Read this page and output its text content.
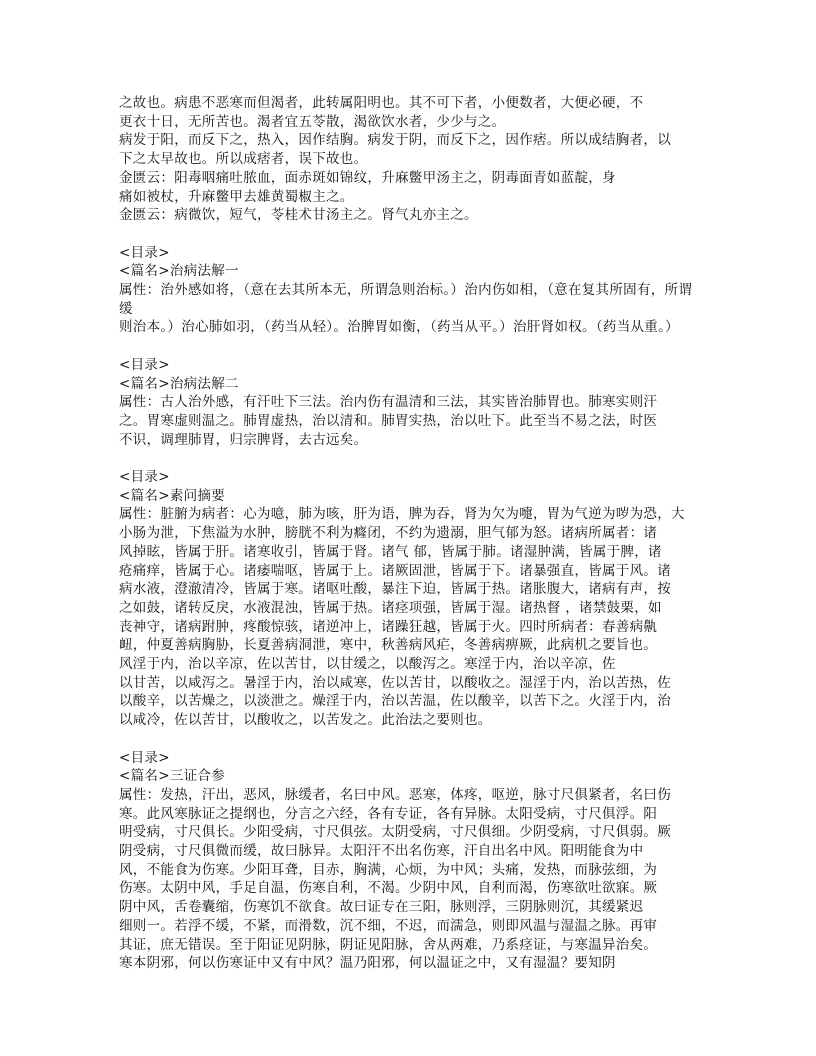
之故也。病患不恶寒而但渴者，此转属阳明也。其不可下者，小便数者，大便必硬，不
更衣十日，无所苦也。渴者宜五苓散，渴欲饮水者，少少与之。
病发于阳，而反下之，热入，因作结胸。病发于阴，而反下之，因作痞。所以成结胸者，以
下之太早故也。所以成痞者，误下故也。
金匮云：阳毒咽痛吐脓血，面赤斑如锦纹，升麻鳖甲汤主之，阴毒面青如蓝靛，身
痛如被杖，升麻鳖甲去雄黄蜀椒主之。
金匮云：病微饮，短气，苓桂术甘汤主之。肾气丸亦主之。
<目录>
<篇名>治病法解一
属性：治外感如将，（意在去其所本无，所谓急则治标。）治内伤如相，（意在复其所固有，所谓
缓
则治本。）治心肺如羽，（药当从轻）。治脾胃如衡，（药当从平。）治肝肾如权。（药当从重。）
<目录>
<篇名>治病法解二
属性：古人治外感，有汗吐下三法。治内伤有温清和三法，其实皆治肺胃也。肺寒实则汗
之。胃寒虚则温之。肺胃虚热，治以清和。肺胃实热，治以吐下。此至当不易之法，时医
不识，调理肺胃，归宗脾肾，去古远矣。
<目录>
<篇名>素问摘要
属性：脏腑为病者：心为噫，肺为咳，肝为语，脾为吞，肾为欠为嚏，胃为气逆为哕为恐，大
小肠为泄，下焦溢为水肿，膀胱不利为癃闭，不约为遗溺，胆气郁为怒。诸病所属者：诸
风掉眩，皆属于肝。诸寒收引，皆属于肾。诸气 郁，皆属于肺。诸湿肿满，皆属于脾，诸
疮痛痒，皆属于心。诸痿喘呕，皆属于上。诸厥固泄，皆属于下。诸暴强直，皆属于风。诸
病水液，澄澈清冷，皆属于寒。诸呕吐酸，暴注下迫，皆属于热。诸胀腹大，诸病有声，按
之如鼓，诸转反戾，水液混浊，皆属于热。诸痉项强，皆属于湿。诸热督 ，诸禁鼓栗，如
丧神守，诸病跗肿，疼酸惊骇，诸逆冲上，诸躁狂越，皆属于火。四时所病者：春善病鼽
衄，仲夏善病胸胁，长夏善病洞泄，寒中，秋善病风疟，冬善病痹厥，此病机之要旨也。
风淫于内，治以辛凉，佐以苦甘，以甘缓之，以酸泻之。寒淫于内，治以辛凉，佐
以甘苦，以咸泻之。暑淫于内，治以咸寒，佐以苦甘，以酸收之。湿淫于内，治以苦热，佐
以酸辛，以苦燥之，以淡泄之。燥淫于内，治以苦温，佐以酸辛，以苦下之。火淫于内，治
以咸冷，佐以苦甘，以酸收之，以苦发之。此治法之要则也。
<目录>
<篇名>三证合参
属性：发热，汗出，恶风，脉缓者，名曰中风。恶寒，体疼，呕逆，脉寸尺俱紧者，名曰伤
寒。此风寒脉证之提纲也，分言之六经，各有专证，各有异脉。太阳受病，寸尺俱浮。阳
明受病，寸尺俱长。少阳受病，寸尺俱弦。太阴受病，寸尺俱细。少阴受病，寸尺俱弱。厥
阴受病，寸尺俱微而缓，故曰脉异。太阳汗不出名伤寒，汗自出名中风。阳明能食为中
风，不能食为伤寒。少阳耳聋，目赤，胸满，心烦，为中风；头痛，发热，而脉弦细，为
伤寒。太阴中风，手足自温，伤寒自利，不渴。少阴中风，自利而渴，伤寒欲吐欲寐。厥
阴中风，舌卷囊缩，伤寒饥不欲食。故曰证专在三阳，脉则浮，三阴脉则沉，其缓紧迟
细则一。若浮不缓，不紧，而滑数，沉不细，不迟，而濡急，则即风温与湿温之脉。再审
其证，庶无错误。至于阳证见阴脉，阴证见阳脉，舍从两难，乃系痉证，与寒温异治矣。
寒本阴邪，何以伤寒证中又有中风？温乃阳邪，何以温证之中，又有湿温？要知阴
